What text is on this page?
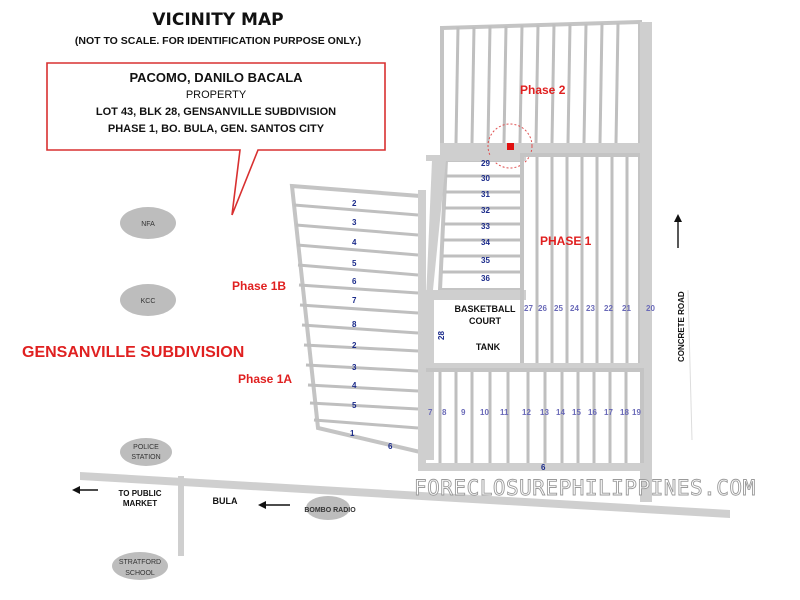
VICINITY MAP
(NOT TO SCALE. FOR IDENTIFICATION PURPOSE ONLY.)
PACOMO, DANILO BACALA
PROPERTY
LOT 43, BLK 28, GENSANVILLE SUBDIVISION
PHASE 1, BO. BULA, GEN. SANTOS CITY
Phase 2
PHASE 1
BASKETBALL
COURT
TANK
Phase 1B
Phase 1A
28
GENSANVILLE SUBDIVISION	CONCRETE ROAD
NFA
KCC
POLICE
STATION
BOMBO RADIO
STRATFORD
SCHOOL
TO PUBLIC
MARKET	BULA
6
29
30
31
32
33
34
35
36
27 26 25 24 23 22 21 20
7 8 9 10 11 12 13 14 15 16 17 18 19
2
3
4
5
6
7
8
2
3
4
5
1
6
FORECLOSUREPHILIPPINES.COM
